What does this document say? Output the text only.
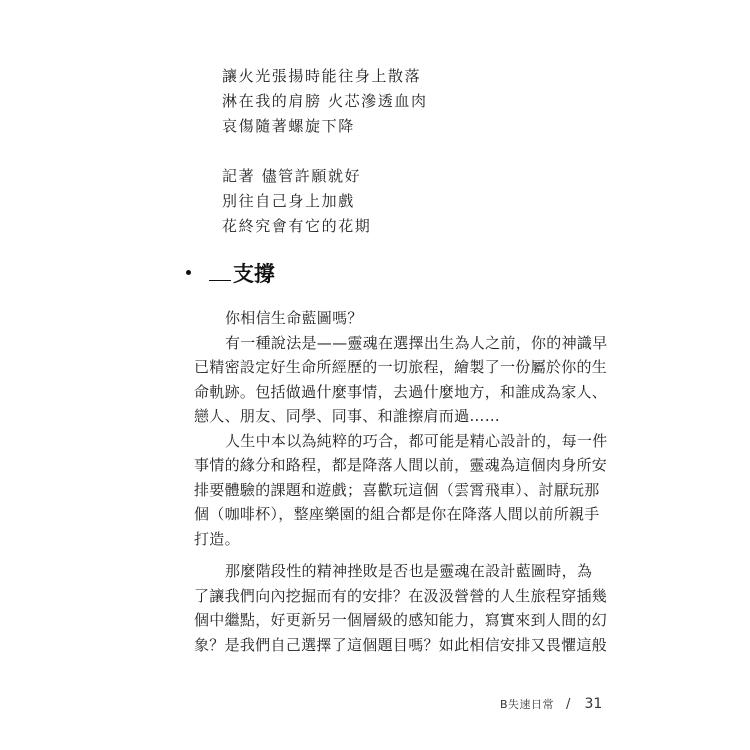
讓火光張揚時能往身上散落
淋在我的肩膀 火芯滲透血肉
哀傷隨著螺旋下降
記著 儘管許願就好
別往自己身上加戲
花終究會有它的花期
支撐
你相信生命藍圖嗎？
有一種說法是——靈魂在選擇出生為人之前，你的神識早
已精密設定好生命所經歷的一切旅程，繪製了一份屬於你的生
命軌跡。包括做過什麼事情，去過什麼地方，和誰成為家人、
戀人、朋友、同學、同事、和誰擦肩而過……
人生中本以為純粹的巧合，都可能是精心設計的，每一件
事情的緣分和路程，都是降落人間以前，靈魂為這個肉身所安
排要體驗的課題和遊戲；喜歡玩這個（雲霄飛車）、討厭玩那
個（咖啡杯），整座樂園的組合都是你在降落人間以前所親手
打造。
那麼階段性的精神挫敗是否也是靈魂在設計藍圖時，為
了讓我們向內挖掘而有的安排？在汲汲營營的人生旅程穿插幾
個中繼點，好更新另一個層級的感知能力，寫實來到人間的幻
象？是我們自己選擇了這個題目嗎？如此相信安排又畏懼這般
B失速日常 / 31
